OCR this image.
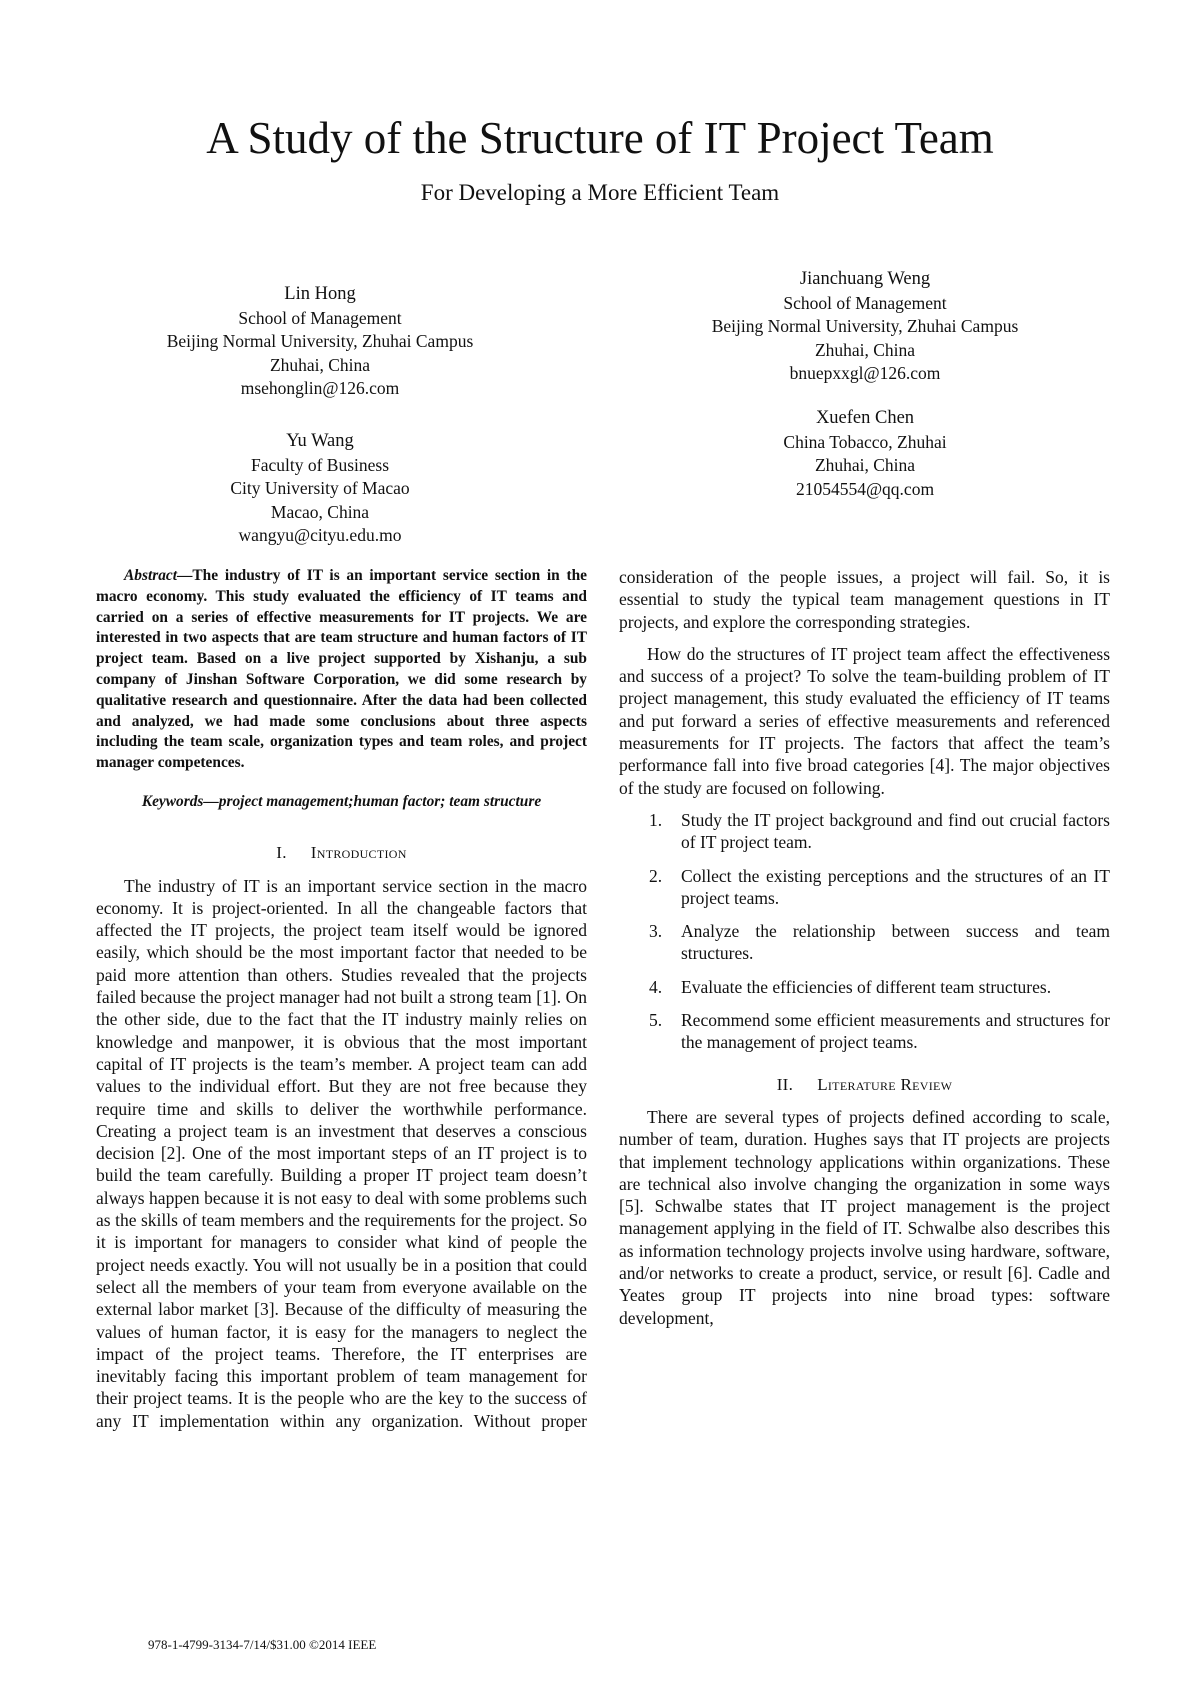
A Study of the Structure of IT Project Team
For Developing a More Efficient Team
Lin Hong
School of Management
Beijing Normal University, Zhuhai Campus
Zhuhai, China
msehonglin@126.com
Yu Wang
Faculty of Business
City University of Macao
Macao, China
wangyu@cityu.edu.mo
Jianchuang Weng
School of Management
Beijing Normal University, Zhuhai Campus
Zhuhai, China
bnuepxxgl@126.com
Xuefen Chen
China Tobacco, Zhuhai
Zhuhai, China
21054554@qq.com

Abstract—The industry of IT is an important service section in the macro economy. This study evaluated the efficiency of IT teams and carried on a series of effective measurements for IT projects. We are interested in two aspects that are team structure and human factors of IT project team. Based on a live project supported by Xishanju, a sub company of Jinshan Software Corporation, we did some research by qualitative research and questionnaire. After the data had been collected and analyzed, we had made some conclusions about three aspects including the team scale, organization types and team roles, and project manager competences.

Keywords—project management;human factor; team structure

I. Introduction

The industry of IT is an important service section in the macro economy. It is project-oriented. In all the changeable factors that affected the IT projects, the project team itself would be ignored easily, which should be the most important factor that needed to be paid more attention than others. Studies revealed that the projects failed because the project manager had not built a strong team [1]. On the other side, due to the fact that the IT industry mainly relies on knowledge and manpower, it is obvious that the most important capital of IT projects is the team’s member. A project team can add values to the individual effort. But they are not free because they require time and skills to deliver the worthwhile performance. Creating a project team is an investment that deserves a conscious decision [2]. One of the most important steps of an IT project is to build the team carefully. Building a proper IT project team doesn’t always happen because it is not easy to deal with some problems such as the skills of team members and the requirements for the project. So it is important for managers to consider what kind of people the project needs exactly. You will not usually be in a position that could select all the members of your team from everyone available on the external labor market [3]. Because of the difficulty of measuring the values of human factor, it is easy for the managers to neglect the impact of the project teams. Therefore, the IT enterprises are inevitably facing this important problem of team management for their project teams. It is the people who are the key to the success of any IT implementation within any organization. Without proper

consideration of the people issues, a project will fail. So, it is essential to study the typical team management questions in IT projects, and explore the corresponding strategies.

How do the structures of IT project team affect the effectiveness and success of a project? To solve the team-building problem of IT project management, this study evaluated the efficiency of IT teams and put forward a series of effective measurements and referenced measurements for IT projects. The factors that affect the team’s performance fall into five broad categories [4]. The major objectives of the study are focused on following.

1.	Study the IT project background and find out crucial factors of IT project team.
2.	Collect the existing perceptions and the structures of an IT project teams.
3.	Analyze the relationship between success and team structures.
4.	Evaluate the efficiencies of different team structures.
5.	Recommend some efficient measurements and structures for the management of project teams.
II. Literature Review

There are several types of projects defined according to scale, number of team, duration. Hughes says that IT projects are projects that implement technology applications within organizations. These are technical also involve changing the organization in some ways [5]. Schwalbe states that IT project management is the project management applying in the field of IT. Schwalbe also describes this as information technology projects involve using hardware, software, and/or networks to create a product, service, or result [6]. Cadle and Yeates group IT projects into nine broad types: software development,

978-1-4799-3134-7/14/$31.00 ©2014 IEEE
